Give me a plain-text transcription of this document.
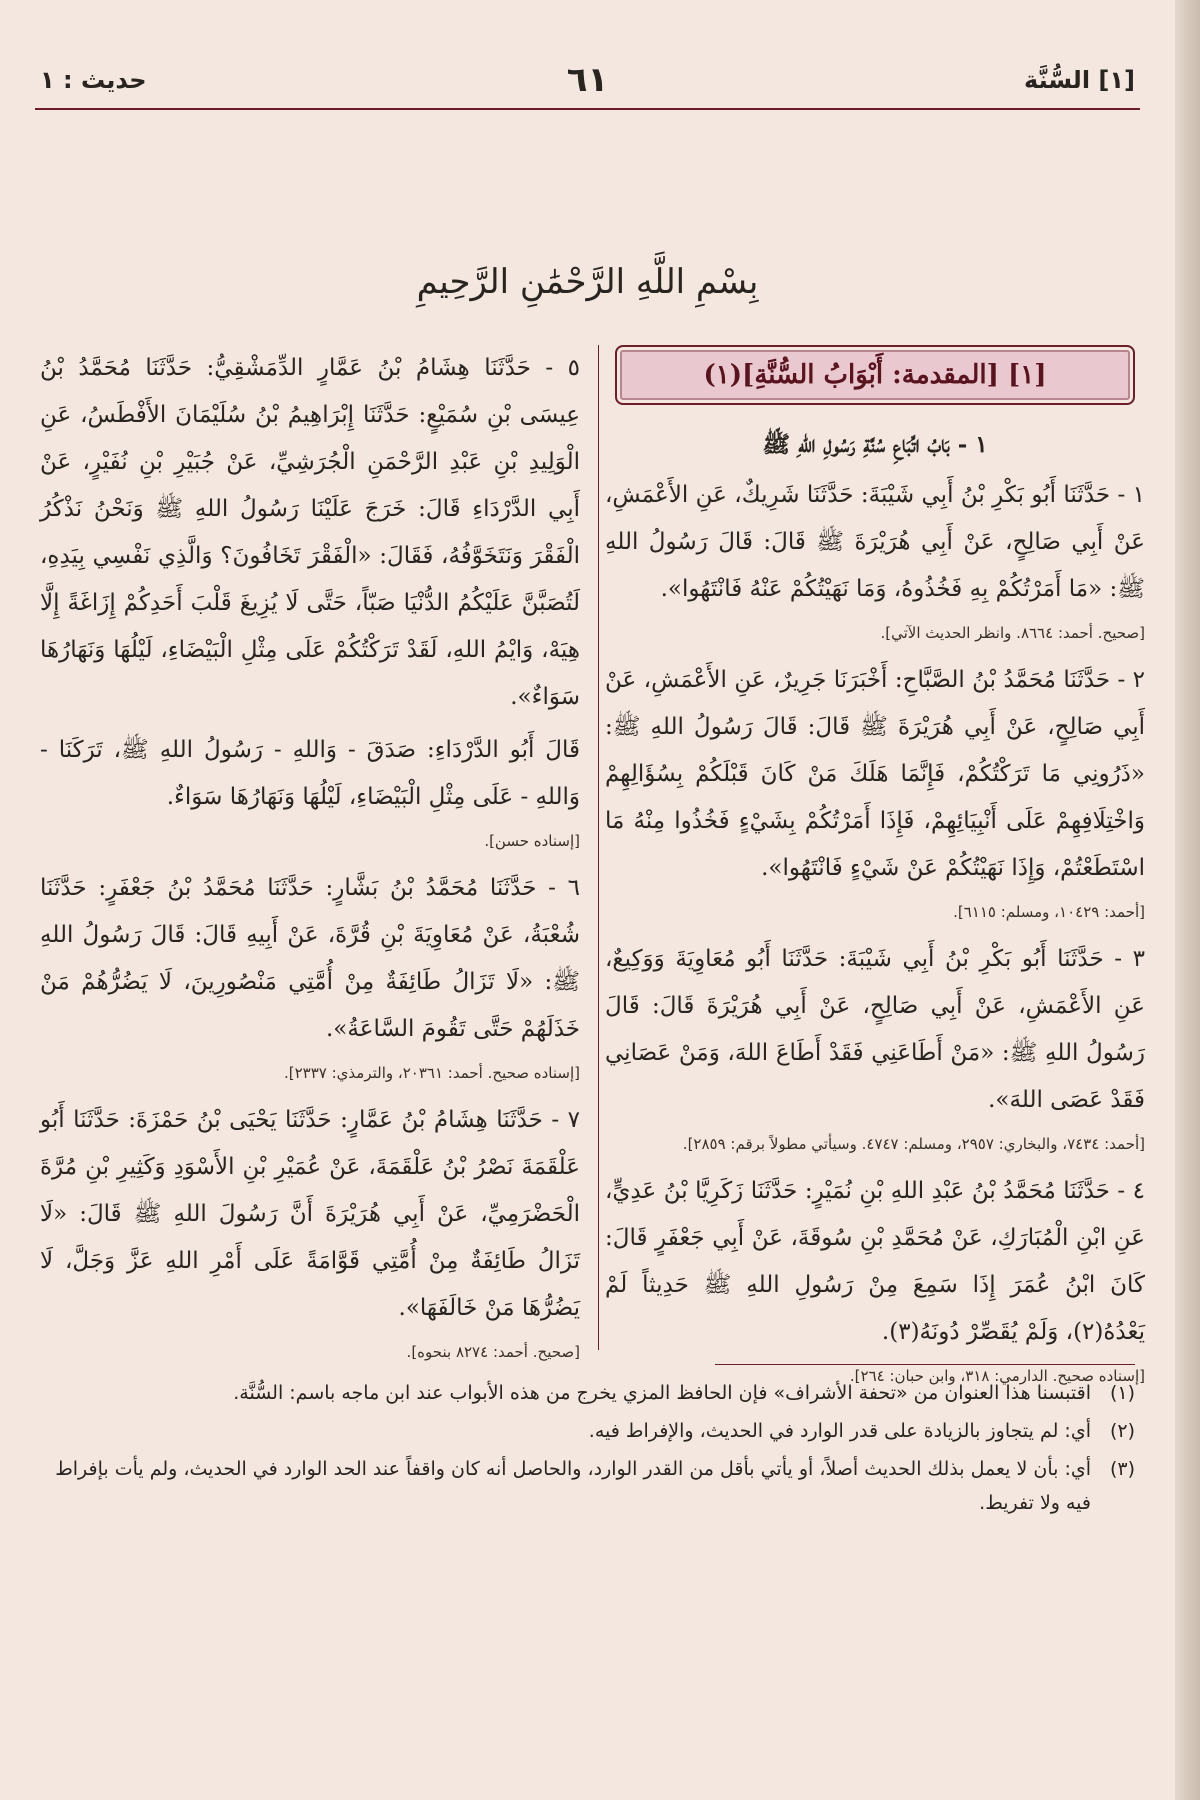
[١] السُّنَّة
٦١
حديث : ١
بِسْمِ اللَّهِ الرَّحْمَٰنِ الرَّحِيمِ
[١] [المقدمة: أَبْوَابُ السُّنَّةِ](١)
١ - بَابُ اتِّبَاعِ سُنَّةِ رَسُولِ اللهِ ﷺ

١ - حَدَّثَنَا أَبُو بَكْرِ بْنُ أَبِي شَيْبَةَ: حَدَّثَنَا شَرِيكٌ، عَنِ الأَعْمَشِ، عَنْ أَبِي صَالِحٍ، عَنْ أَبِي هُرَيْرَةَ ﷺ قَالَ: قَالَ رَسُولُ اللهِ ﷺ: «مَا أَمَرْتُكُمْ بِهِ فَخُذُوهُ، وَمَا نَهَيْتُكُمْ عَنْهُ فَانْتَهُوا».

[صحيح. أحمد: ٨٦٦٤. وانظر الحديث الآتي].

٢ - حَدَّثَنَا مُحَمَّدُ بْنُ الصَّبَّاحِ: أَخْبَرَنَا جَرِيرٌ، عَنِ الأَعْمَشِ، عَنْ أَبِي صَالِحٍ، عَنْ أَبِي هُرَيْرَةَ ﷺ قَالَ: قَالَ رَسُولُ اللهِ ﷺ: «ذَرُونِي مَا تَرَكْتُكُمْ، فَإِنَّمَا هَلَكَ مَنْ كَانَ قَبْلَكُمْ بِسُؤَالِهِمْ وَاخْتِلَافِهِمْ عَلَى أَنْبِيَائِهِمْ، فَإِذَا أَمَرْتُكُمْ بِشَيْءٍ فَخُذُوا مِنْهُ مَا اسْتَطَعْتُمْ، وَإِذَا نَهَيْتُكُمْ عَنْ شَيْءٍ فَانْتَهُوا».

[أحمد: ١٠٤٢٩، ومسلم: ٦١١٥].

٣ - حَدَّثَنَا أَبُو بَكْرِ بْنُ أَبِي شَيْبَةَ: حَدَّثَنَا أَبُو مُعَاوِيَةَ وَوَكِيعٌ، عَنِ الأَعْمَشِ، عَنْ أَبِي صَالِحٍ، عَنْ أَبِي هُرَيْرَةَ قَالَ: قَالَ رَسُولُ اللهِ ﷺ: «مَنْ أَطَاعَنِي فَقَدْ أَطَاعَ اللهَ، وَمَنْ عَصَانِي فَقَدْ عَصَى اللهَ».

[أحمد: ٧٤٣٤، والبخاري: ٢٩٥٧، ومسلم: ٤٧٤٧. وسيأتي مطولاً برقم: ٢٨٥٩].

٤ - حَدَّثَنَا مُحَمَّدُ بْنُ عَبْدِ اللهِ بْنِ نُمَيْرٍ: حَدَّثَنَا زَكَرِيَّا بْنُ عَدِيٍّ، عَنِ ابْنِ الْمُبَارَكِ، عَنْ مُحَمَّدِ بْنِ سُوقَةَ، عَنْ أَبِي جَعْفَرٍ قَالَ: كَانَ ابْنُ عُمَرَ إِذَا سَمِعَ مِنْ رَسُولِ اللهِ ﷺ حَدِيثاً لَمْ يَعْدُهُ(٢)، وَلَمْ يُقَصِّرْ دُونَهُ(٣).

[إسناده صحيح. الدارمي: ٣١٨، وابن حبان: ٢٦٤].

٥ - حَدَّثَنَا هِشَامُ بْنُ عَمَّارٍ الدِّمَشْقِيُّ: حَدَّثَنَا مُحَمَّدُ بْنُ عِيسَى بْنِ سُمَيْعٍ: حَدَّثَنَا إِبْرَاهِيمُ بْنُ سُلَيْمَانَ الأَفْطَسُ، عَنِ الْوَلِيدِ بْنِ عَبْدِ الرَّحْمَنِ الْجُرَشِيِّ، عَنْ جُبَيْرِ بْنِ نُفَيْرٍ، عَنْ أَبِي الدَّرْدَاءِ قَالَ: خَرَجَ عَلَيْنَا رَسُولُ اللهِ ﷺ وَنَحْنُ نَذْكُرُ الْفَقْرَ وَنَتَخَوَّفُهُ، فَقَالَ: «الْفَقْرَ تَخَافُونَ؟ وَالَّذِي نَفْسِي بِيَدِهِ، لَتُصَبَّنَّ عَلَيْكُمُ الدُّنْيَا صَبّاً، حَتَّى لَا يُزِيغَ قَلْبَ أَحَدِكُمْ إِزَاغَةً إِلَّا هِيَهْ، وَايْمُ اللهِ، لَقَدْ تَرَكْتُكُمْ عَلَى مِثْلِ الْبَيْضَاءِ، لَيْلُهَا وَنَهَارُهَا سَوَاءٌ».

قَالَ أَبُو الدَّرْدَاءِ: صَدَقَ - وَاللهِ - رَسُولُ اللهِ ﷺ، تَرَكَنَا - وَاللهِ - عَلَى مِثْلِ الْبَيْضَاءِ، لَيْلُهَا وَنَهَارُهَا سَوَاءٌ.

[إسناده حسن].

٦ - حَدَّثَنَا مُحَمَّدُ بْنُ بَشَّارٍ: حَدَّثَنَا مُحَمَّدُ بْنُ جَعْفَرٍ: حَدَّثَنَا شُعْبَةُ، عَنْ مُعَاوِيَةَ بْنِ قُرَّةَ، عَنْ أَبِيهِ قَالَ: قَالَ رَسُولُ اللهِ ﷺ: «لَا تَزَالُ طَائِفَةٌ مِنْ أُمَّتِي مَنْصُورِينَ، لَا يَضُرُّهُمْ مَنْ خَذَلَهُمْ حَتَّى تَقُومَ السَّاعَةُ».

[إسناده صحيح. أحمد: ٢٠٣٦١، والترمذي: ٢٣٣٧].

٧ - حَدَّثَنَا هِشَامُ بْنُ عَمَّارٍ: حَدَّثَنَا يَحْيَى بْنُ حَمْزَةَ: حَدَّثَنَا أَبُو عَلْقَمَةَ نَصْرُ بْنُ عَلْقَمَةَ، عَنْ عُمَيْرِ بْنِ الأَسْوَدِ وَكَثِيرِ بْنِ مُرَّةَ الْحَضْرَمِيِّ، عَنْ أَبِي هُرَيْرَةَ أَنَّ رَسُولَ اللهِ ﷺ قَالَ: «لَا تَزَالُ طَائِفَةٌ مِنْ أُمَّتِي قَوَّامَةً عَلَى أَمْرِ اللهِ عَزَّ وَجَلَّ، لَا يَضُرُّهَا مَنْ خَالَفَهَا».

[صحيح. أحمد: ٨٢٧٤ بنحوه].
(١)
اقتبسنا هذا العنوان من «تحفة الأشراف» فإن الحافظ المزي يخرج من هذه الأبواب عند ابن ماجه باسم: السُّنَّة.
(٢)
أي: لم يتجاوز بالزيادة على قدر الوارد في الحديث، والإفراط فيه.
(٣)
أي: بأن لا يعمل بذلك الحديث أصلاً، أو يأتي بأقل من القدر الوارد، والحاصل أنه كان واقفاً عند الحد الوارد في الحديث، ولم يأت بإفراط فيه ولا تفريط.
